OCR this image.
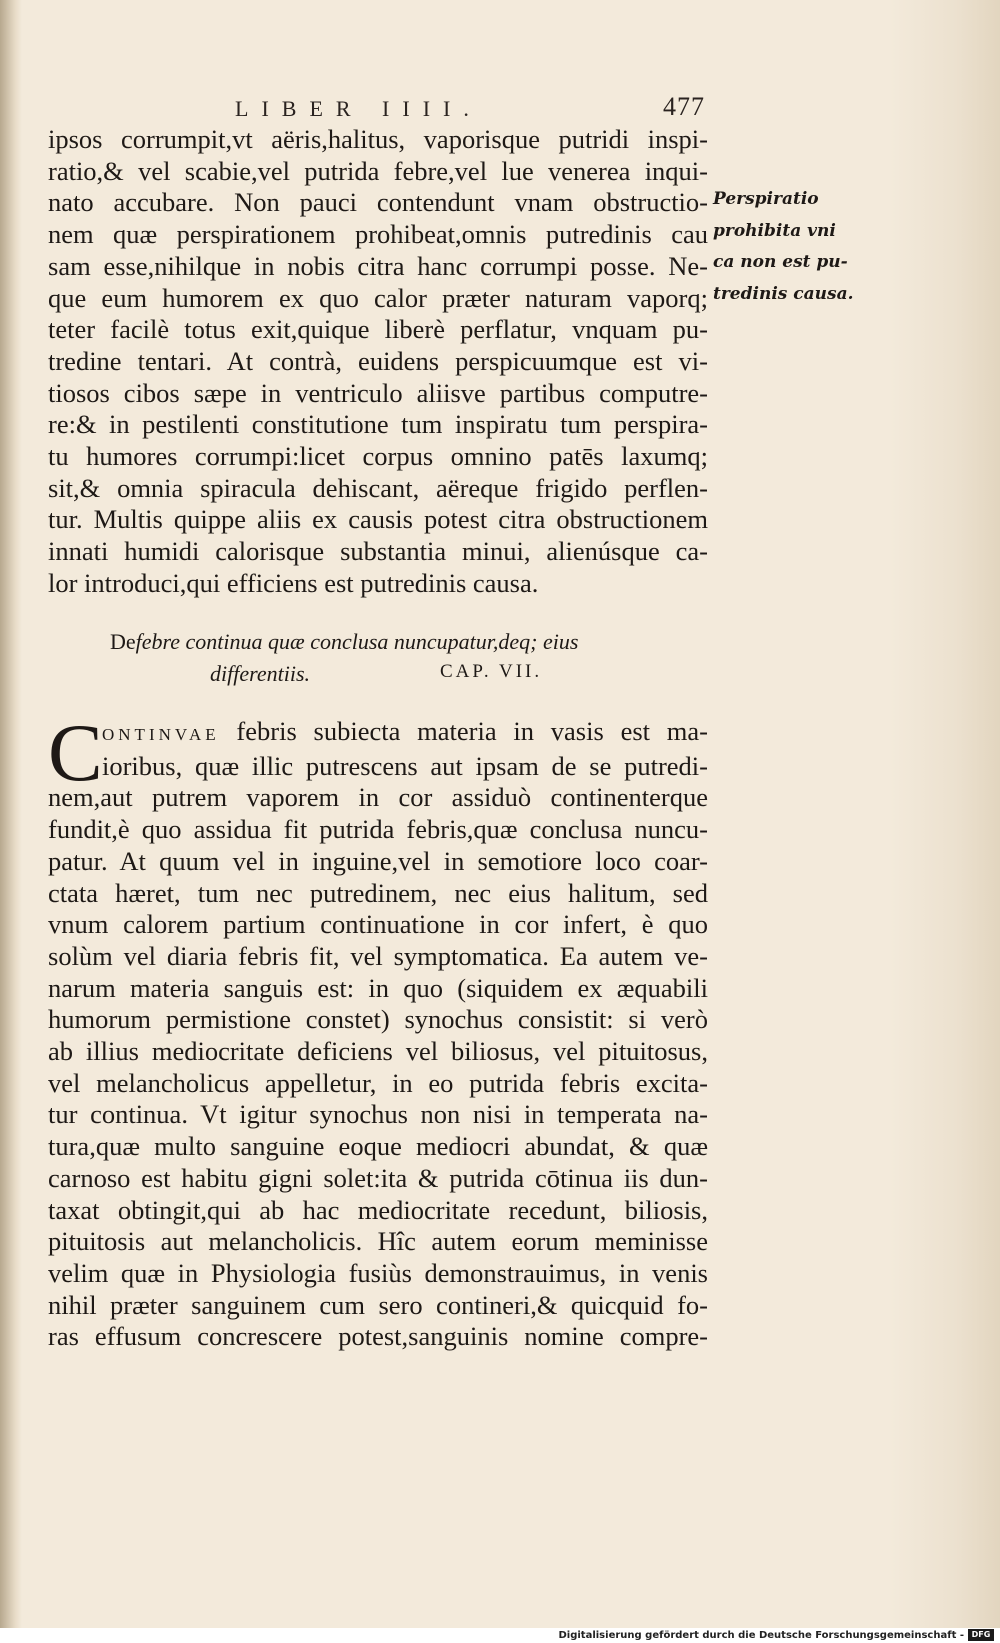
LIBER IIII.	477
ipsos corrumpit,vt aëris,halitus, vaporisque putridi inspi-
ratio,& vel scabie,vel putrida febre,vel lue venerea inqui-
nato accubare. Non pauci contendunt vnam obstructio-
nem quæ perspirationem prohibeat,omnis putredinis cau
sam esse,nihilque in nobis citra hanc corrumpi posse. Ne-
que eum humorem ex quo calor præter naturam vaporq;
teter facilè totus exit,quique liberè perflatur, vnquam pu-
tredine tentari. At contrà, euidens perspicuumque est vi-
tiosos cibos sæpe in ventriculo aliisve partibus computre-
re:& in pestilenti constitutione tum inspiratu tum perspira-
tu humores corrumpi:licet corpus omnino patēs laxumq;
sit,& omnia spiracula dehiscant, aëreque frigido perflen-
tur. Multis quippe aliis ex causis potest citra obstructionem
innati humidi calorisque substantia minui, alienúsque ca-
lor introduci,qui efficiens est putredinis causa.
Perspiratio
prohibita vni
ca non est pu-
tredinis causa.
Defebre continua quæ conclusa nuncupatur,deq; eius
differentiis.	CAP. VII.
C ONTINVAE febris subiecta materia in vasis est ma-
ioribus, quæ illic putrescens aut ipsam de se putredi-
nem,aut putrem vaporem in cor assiduò continenterque
fundit,è quo assidua fit putrida febris,quæ conclusa nuncu-
patur. At quum vel in inguine,vel in semotiore loco coar-
ctata hæret, tum nec putredinem, nec eius halitum, sed
vnum calorem partium continuatione in cor infert, è quo
solùm vel diaria febris fit, vel symptomatica. Ea autem ve-
narum materia sanguis est: in quo (siquidem ex æquabili
humorum permistione constet) synochus consistit: si verò
ab illius mediocritate deficiens vel biliosus, vel pituitosus,
vel melancholicus appelletur, in eo putrida febris excita-
tur continua. Vt igitur synochus non nisi in temperata na-
tura,quæ multo sanguine eoque mediocri abundat, & quæ
carnoso est habitu gigni solet:ita & putrida cōtinua iis dun-
taxat obtingit,qui ab hac mediocritate recedunt, biliosis,
pituitosis aut melancholicis. Hîc autem eorum meminisse
velim quæ in Physiologia fusiùs demonstrauimus, in venis
nihil præter sanguinem cum sero contineri,& quicquid fo-
ras effusum concrescere potest,sanguinis nomine compre-
Digitalisierung gefördert durch die Deutsche Forschungsgemeinschaft - DFG
